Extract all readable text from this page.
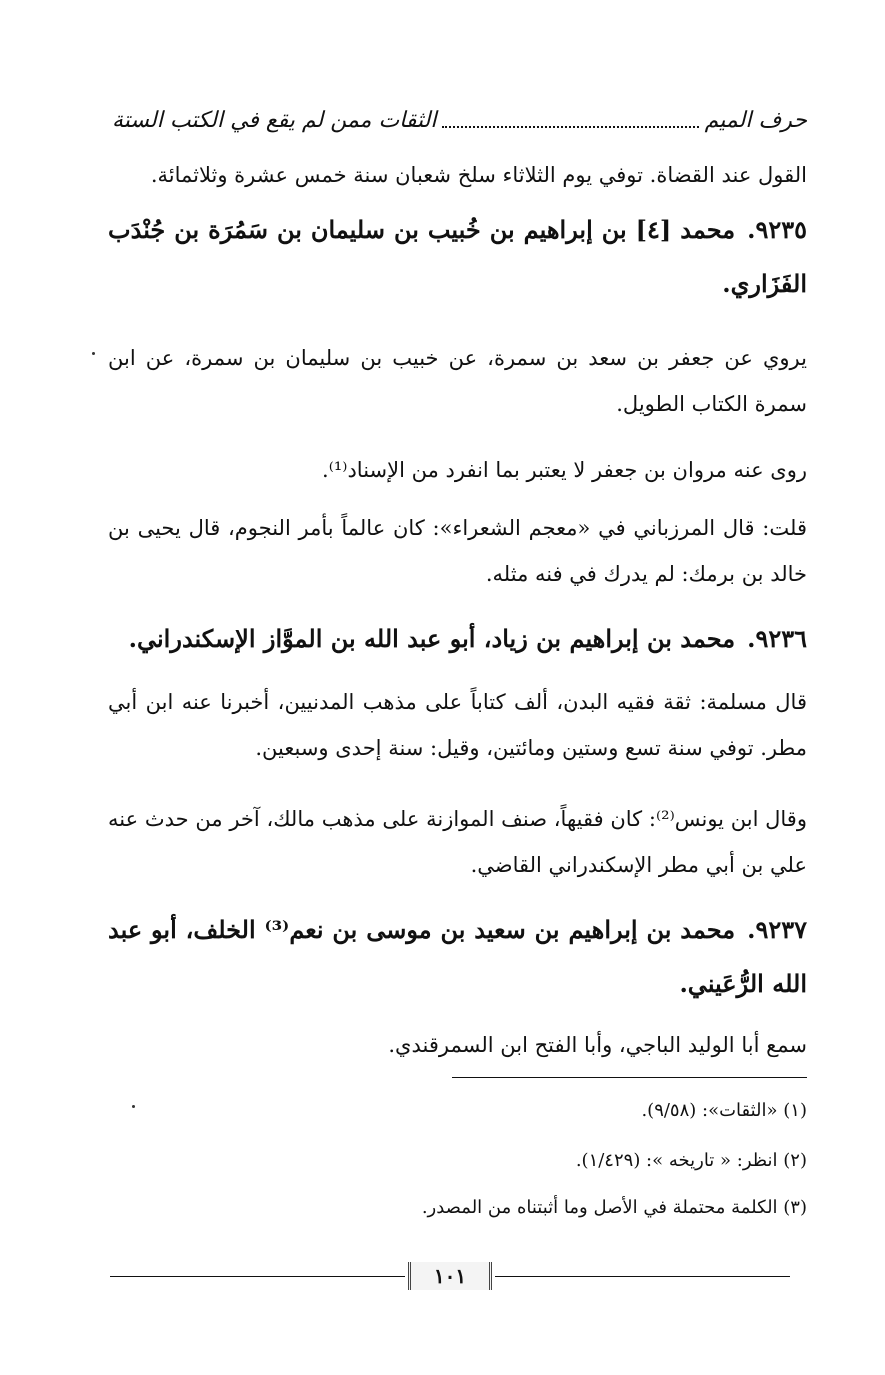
حرف الميم
الثقات ممن لم يقع في الكتب الستة

القول عند القضاة. توفي يوم الثلاثاء سلخ شعبان سنة خمس عشرة وثلاثمائة.

٩٢٣٥.محمد [٤] بن إبراهيم بن خُبيب بن سليمان بن سَمُرَة بن جُنْدَب الفَزَاري.

يروي عن جعفر بن سعد بن سمرة، عن خبيب بن سليمان بن سمرة، عن ابن سمرة الكتاب الطويل.

روى عنه مروان بن جعفر لا يعتبر بما انفرد من الإسناد⁽¹⁾.

قلت: قال المرزباني في «معجم الشعراء»: كان عالماً بأمر النجوم، قال يحيى بن خالد بن برمك: لم يدرك في فنه مثله.

٩٢٣٦.محمد بن إبراهيم بن زياد، أبو عبد الله بن الموَّاز الإسكندراني.

قال مسلمة: ثقة فقيه البدن، ألف كتاباً على مذهب المدنيين، أخبرنا عنه ابن أبي مطر. توفي سنة تسع وستين ومائتين، وقيل: سنة إحدى وسبعين.

وقال ابن يونس⁽²⁾: كان فقيهاً، صنف الموازنة على مذهب مالك، آخر من حدث عنه علي بن أبي مطر الإسكندراني القاضي.

٩٢٣٧.محمد بن إبراهيم بن سعيد بن موسى بن نعم⁽³⁾ الخلف، أبو عبد الله الرُّعَيني.

سمع أبا الوليد الباجي، وأبا الفتح ابن السمرقندي.

(١) «الثقات»: (٩/٥٨).

(٢) انظر: « تاريخه »: (١/٤٢٩).

(٣) الكلمة محتملة في الأصل وما أثبتناه من المصدر.

١٠١
